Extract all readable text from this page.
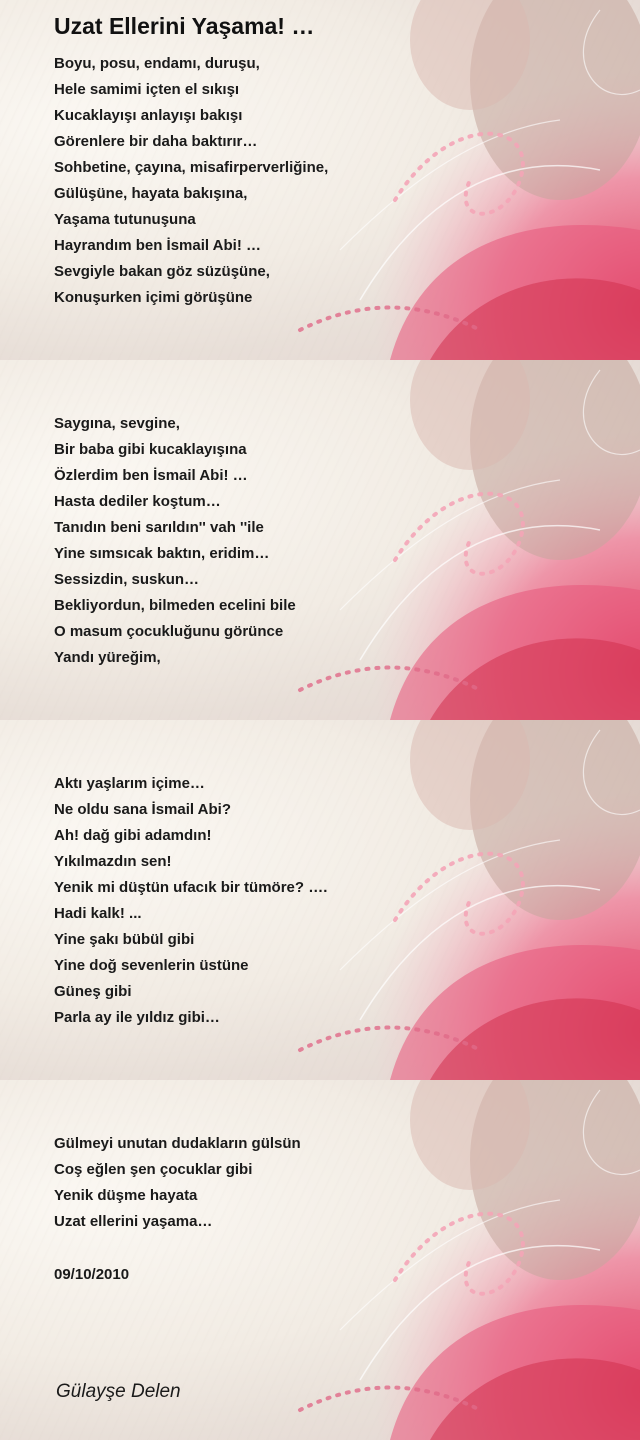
Uzat Ellerini Yaşama! …
Boyu, posu, endamı, duruşu,
Hele samimi içten el sıkışı
Kucaklayışı anlayışı bakışı
Görenlere bir daha baktırır…
Sohbetine, çayına, misafirperverliğine,
Gülüşüne, hayata bakışına,
Yaşama tutunuşuna
Hayrandım ben İsmail Abi! …
Sevgiyle bakan göz süzüşüne,
Konuşurken içimi görüşüne
Saygına, sevgine,
Bir baba gibi kucaklayışına
Özlerdim ben İsmail Abi! …
Hasta dediler koştum…
Tanıdın beni sarıldın'' vah ''ile
Yine sımsıcak baktın, eridim…
Sessizdin, suskun…
Bekliyordun, bilmeden ecelini bile
O masum çocukluğunu görünce
Yandı yüreğim,
Aktı yaşlarım içime…
Ne oldu sana İsmail Abi?
Ah! dağ gibi adamdın!
Yıkılmazdın sen!
Yenik mi düştün ufacık bir tümöre? ….
Hadi kalk! ...
Yine şakı bübül gibi
Yine doğ sevenlerin üstüne
Güneş gibi
Parla ay ile yıldız gibi…
Gülmeyi unutan dudakların gülsün
Coş eğlen şen çocuklar gibi
Yenik düşme hayata
Uzat ellerini yaşama…
09/10/2010
Gülayşe Delen
